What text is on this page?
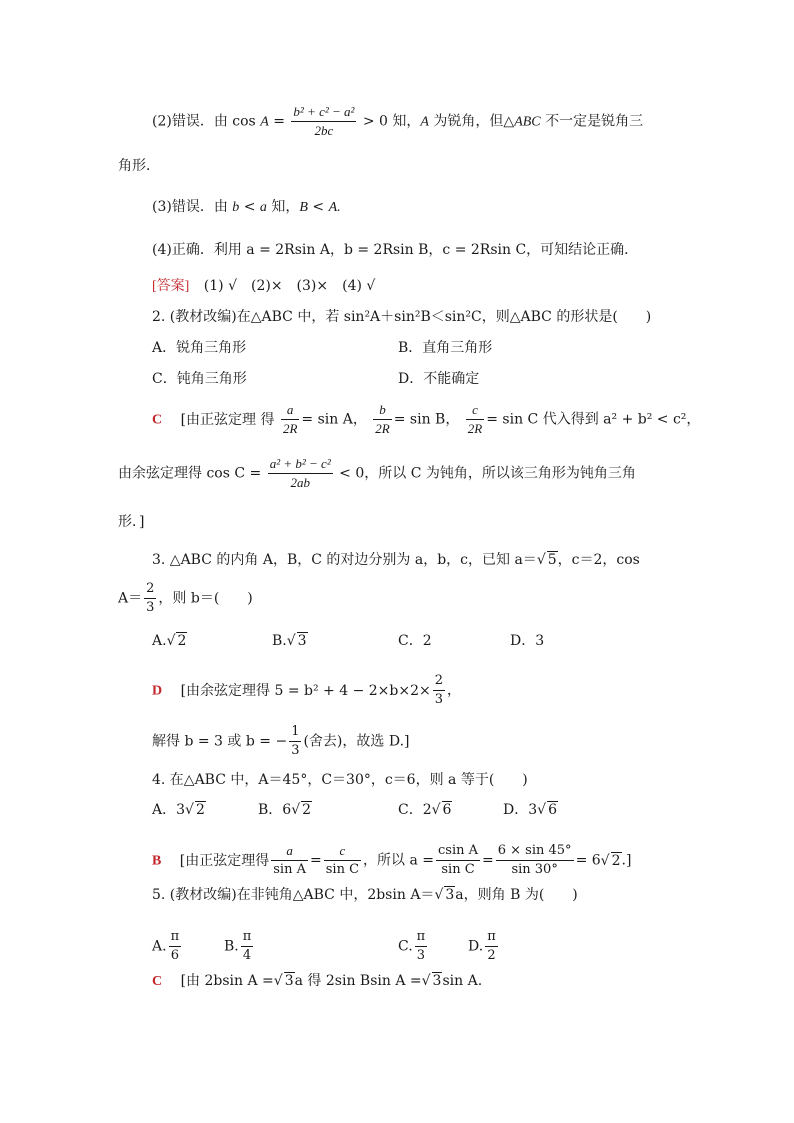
(2)错误．由 $\cos A = \frac{\text{b² + c² − a²}}{2bc} > 0$ 知，A 为锐角，但△ABC 不一定是锐角三
角形．
(3)错误．由 b < a 知，B < A.
(4)正确．利用 a = 2Rsin A，b = 2Rsin B，c = 2Rsin C，可知结论正确．
[答案] (1) √　(2)×　(3)×　(4) √
2. (教材改编)在△ABC 中，若 sin²A＋sin²B＜sin²C，则△ABC 的形状是(　　)
A．锐角三角形	B．直角三角形
C．钝角三角形	D．不能确定
C [由正弦定理 得 $\frac{a}{2R} = \sin A$， $\frac{b}{2R} = \sin B$， $\frac{c}{2R} = \sin C$ 代入得到 a² + b² < c²，
由余弦定理得 $\cos C = \frac{\text{a² + b² − c²}}{2ab} < 0$，所以 C 为钝角，所以该三角形为钝角三角
形．]
3. △ABC 的内角 A，B，C 的对边分别为 a，b，c，已知 a＝√ 5，c＝2，cos
$A= \frac{2}{3}$ ，则 b＝(　　)
A.√ 2	B.√ 3	C．2	D．3
D [由余弦定理得 $5 = b^2 + 4 - 2\times b\times 2\times \frac{2}{3}$ ，
解得 b = 3 或 b = − $\frac{1}{3}$ (舍去)，故选 D.]
4. 在△ABC 中，A＝45°，C＝30°，c＝6，则 a 等于(　　)
A．3√ 2	B．6√ 2	C．2√ 6	D．3√ 6
B [由正弦定理得 $\frac{a}{\text{sin A}} = \frac{c}{\text{sin C}}$ ，所以 $a = \frac{\text{csin A}}{\text{sin C}} = \frac{6 \times \sin 45^\circ}{\sin 30^\circ} = 6√$ 2.]
5. (教材改编)在非钝角△ABC 中，2bsin A＝√ 3a，则角 B 为(　　)
A. $\frac{\pi}{6}$	B. $\frac{\pi}{4}$	C. $\frac{\pi}{3}$	D. $\frac{\pi}{2}$
C [由 2bsin A =√ 3a 得 2sin Bsin A =√ 3sin A.
